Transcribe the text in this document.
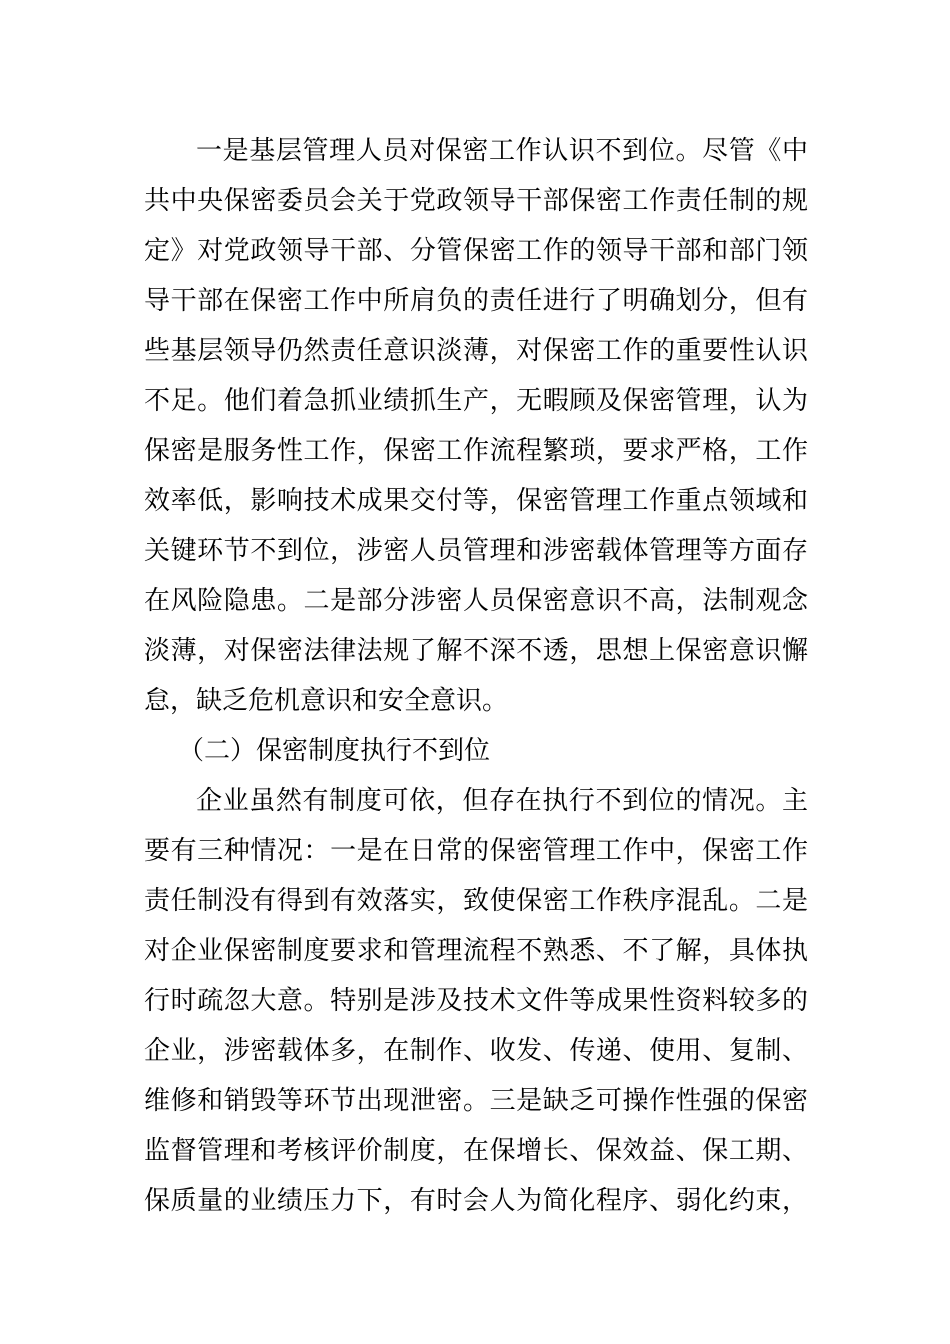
一是基层管理人员对保密工作认识不到位。尽管《中
共中央保密委员会关于党政领导干部保密工作责任制的规
定》对党政领导干部、分管保密工作的领导干部和部门领
导干部在保密工作中所肩负的责任进行了明确划分，但有
些基层领导仍然责任意识淡薄，对保密工作的重要性认识
不足。他们着急抓业绩抓生产，无暇顾及保密管理，认为
保密是服务性工作，保密工作流程繁琐，要求严格，工作
效率低，影响技术成果交付等，保密管理工作重点领域和
关键环节不到位，涉密人员管理和涉密载体管理等方面存
在风险隐患。二是部分涉密人员保密意识不高，法制观念
淡薄，对保密法律法规了解不深不透，思想上保密意识懈
怠，缺乏危机意识和安全意识。
（二）保密制度执行不到位
企业虽然有制度可依，但存在执行不到位的情况。主
要有三种情况：一是在日常的保密管理工作中，保密工作
责任制没有得到有效落实，致使保密工作秩序混乱。二是
对企业保密制度要求和管理流程不熟悉、不了解，具体执
行时疏忽大意。特别是涉及技术文件等成果性资料较多的
企业，涉密载体多，在制作、收发、传递、使用、复制、
维修和销毁等环节出现泄密。三是缺乏可操作性强的保密
监督管理和考核评价制度，在保增长、保效益、保工期、
保质量的业绩压力下，有时会人为简化程序、弱化约束，
